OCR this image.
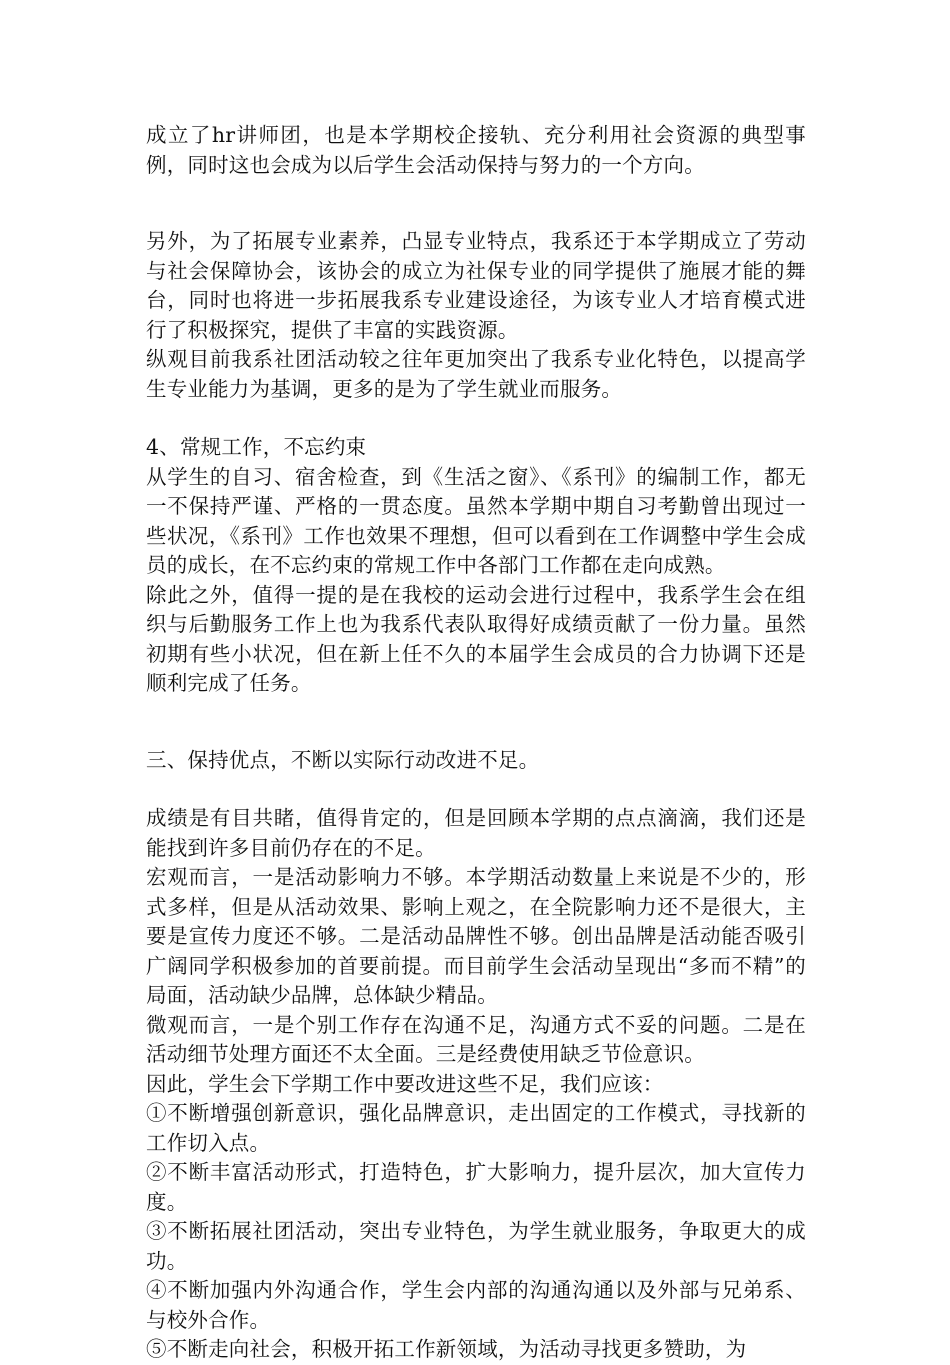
成立了hr讲师团，也是本学期校企接轨、充分利用社会资源的典型事例，同时这也会成为以后学生会活动保持与努力的一个方向。

另外，为了拓展专业素养，凸显专业特点，我系还于本学期成立了劳动与社会保障协会，该协会的成立为社保专业的同学提供了施展才能的舞台，同时也将进一步拓展我系专业建设途径，为该专业人才培育模式进行了积极探究，提供了丰富的实践资源。

纵观目前我系社团活动较之往年更加突出了我系专业化特色，以提高学生专业能力为基调，更多的是为了学生就业而服务。

4、常规工作，不忘约束

从学生的自习、宿舍检查，到《生活之窗》、《系刊》的编制工作，都无一不保持严谨、严格的一贯态度。虽然本学期中期自习考勤曾出现过一些状况，《系刊》工作也效果不理想，但可以看到在工作调整中学生会成员的成长，在不忘约束的常规工作中各部门工作都在走向成熟。

除此之外，值得一提的是在我校的运动会进行过程中，我系学生会在组织与后勤服务工作上也为我系代表队取得好成绩贡献了一份力量。虽然初期有些小状况，但在新上任不久的本届学生会成员的合力协调下还是顺利完成了任务。

三、保持优点，不断以实际行动改进不足。

成绩是有目共睹，值得肯定的，但是回顾本学期的点点滴滴，我们还是能找到许多目前仍存在的不足。

宏观而言，一是活动影响力不够。本学期活动数量上来说是不少的，形式多样，但是从活动效果、影响上观之，在全院影响力还不是很大，主要是宣传力度还不够。二是活动品牌性不够。创出品牌是活动能否吸引广阔同学积极参加的首要前提。而目前学生会活动呈现出“多而不精”的局面，活动缺少品牌，总体缺少精品。

微观而言，一是个别工作存在沟通不足，沟通方式不妥的问题。二是在活动细节处理方面还不太全面。三是经费使用缺乏节俭意识。

因此，学生会下学期工作中要改进这些不足，我们应该：

①不断增强创新意识，强化品牌意识，走出固定的工作模式，寻找新的工作切入点。

②不断丰富活动形式，打造特色，扩大影响力，提升层次，加大宣传力度。

③不断拓展社团活动，突出专业特色，为学生就业服务，争取更大的成功。

④不断加强内外沟通合作，学生会内部的沟通沟通以及外部与兄弟系、与校外合作。

⑤不断走向社会，积极开拓工作新领域，为活动寻找更多赞助，为
